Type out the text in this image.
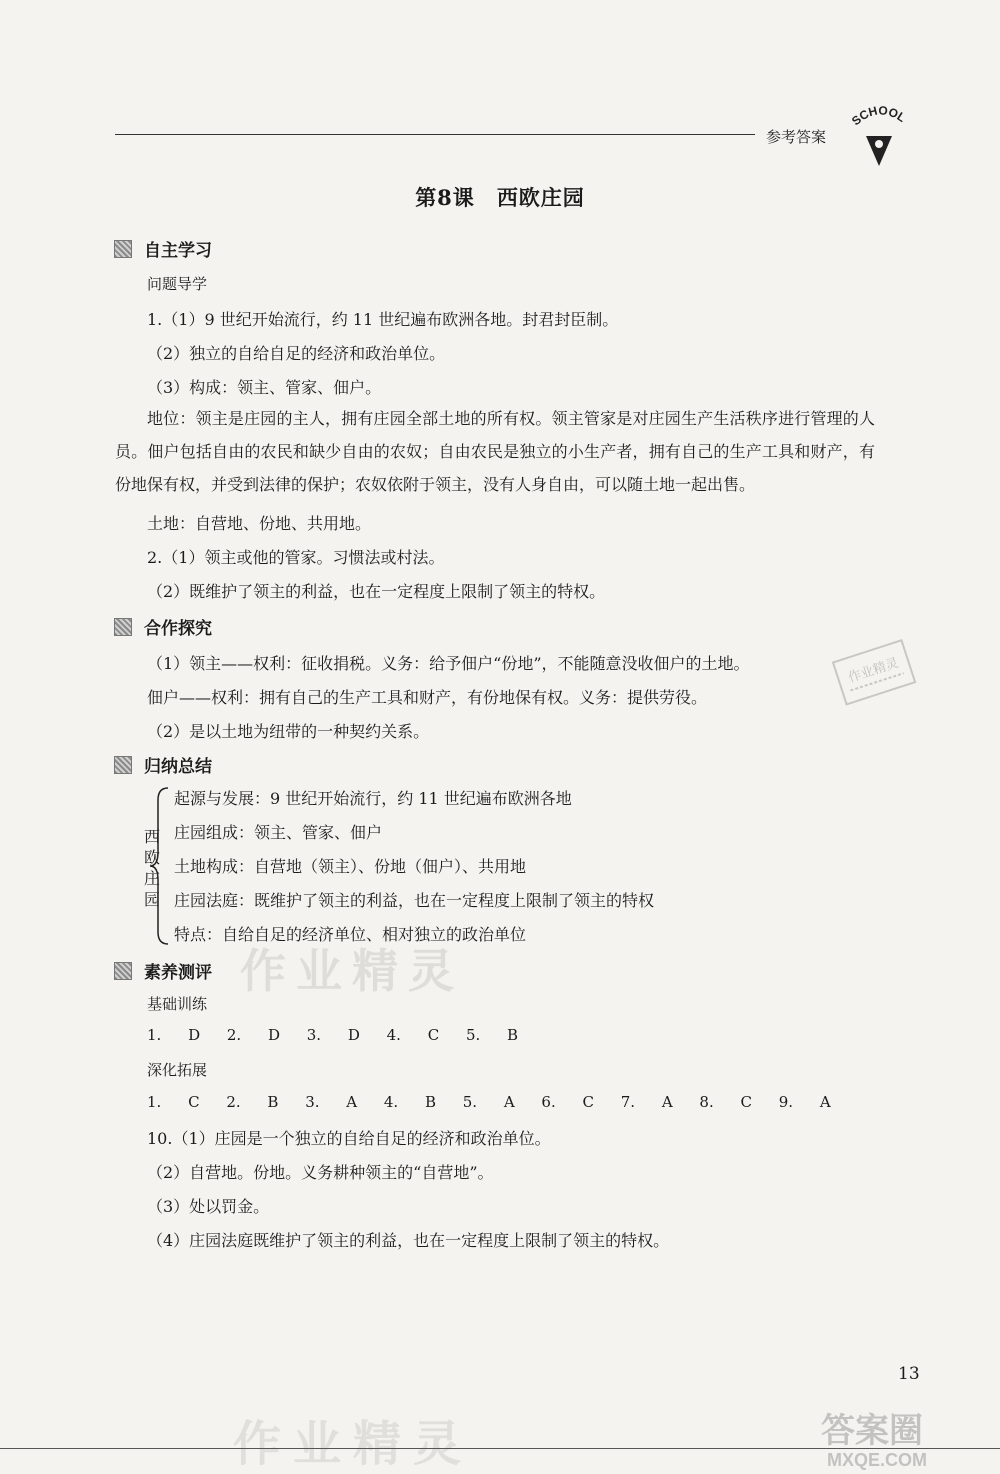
参考答案
SCHOOL
第8课 西欧庄园
自主学习
问题导学
1.（1）9 世纪开始流行，约 11 世纪遍布欧洲各地。封君封臣制。
（2）独立的自给自足的经济和政治单位。
（3）构成：领主、管家、佃户。
地位：领主是庄园的主人，拥有庄园全部土地的所有权。领主管家是对庄园生产生活秩序进行管理的人员。佃户包括自由的农民和缺少自由的农奴；自由农民是独立的小生产者，拥有自己的生产工具和财产，有份地保有权，并受到法律的保护；农奴依附于领主，没有人身自由，可以随土地一起出售。
土地：自营地、份地、共用地。
2.（1）领主或他的管家。习惯法或村法。
（2）既维护了领主的利益，也在一定程度上限制了领主的特权。
合作探究
（1）领主——权利：征收捐税。义务：给予佃户“份地”，不能随意没收佃户的土地。
佃户——权利：拥有自己的生产工具和财产，有份地保有权。义务：提供劳役。
（2）是以土地为纽带的一种契约关系。
作业精灵
归纳总结
西欧庄园
起源与发展：9 世纪开始流行，约 11 世纪遍布欧洲各地
庄园组成：领主、管家、佃户
土地构成：自营地（领主）、份地（佃户）、共用地
庄园法庭：既维护了领主的利益，也在一定程度上限制了领主的特权
特点：自给自足的经济单位、相对独立的政治单位
作业精灵
素养测评
基础训练
1. D 2. D 3. D 4. C 5. B
深化拓展
1. C 2. B 3. A 4. B 5. A 6. C 7. A 8. C 9. A
10.（1）庄园是一个独立的自给自足的经济和政治单位。
（2）自营地。份地。义务耕种领主的“自营地”。
（3）处以罚金。
（4）庄园法庭既维护了领主的利益，也在一定程度上限制了领主的特权。
13
作业精灵	答案圈
MXQE.COM
